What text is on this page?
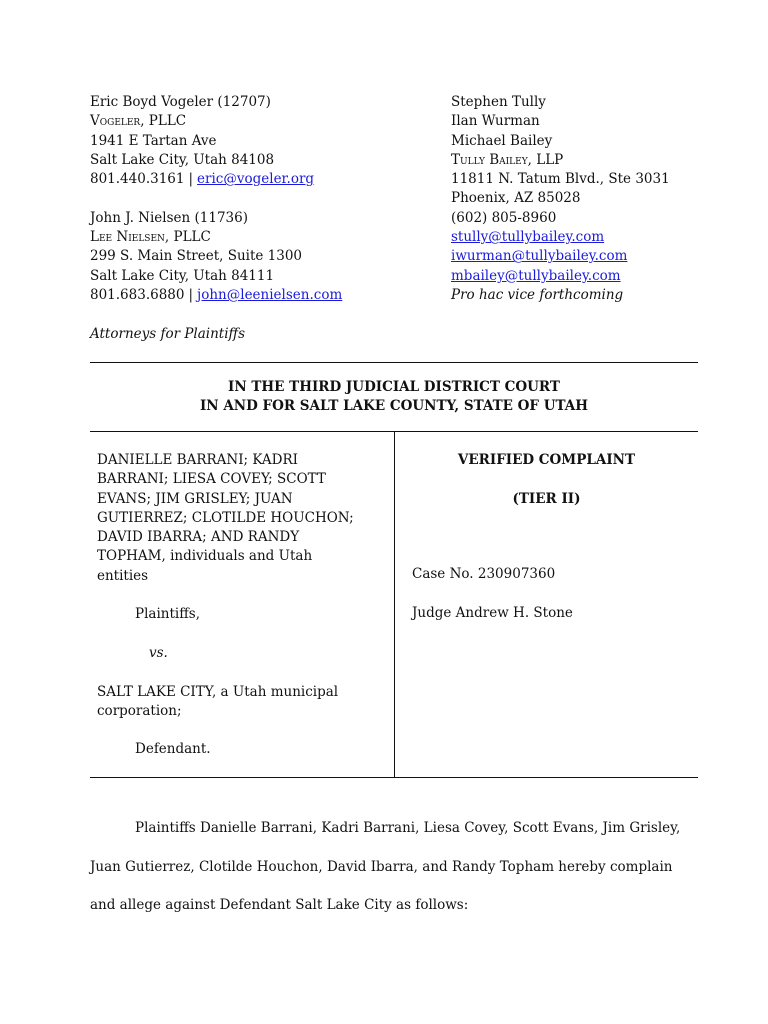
Eric Boyd Vogeler (12707)
Vogeler, PLLC
1941 E Tartan Ave
Salt Lake City, Utah 84108
801.440.3161 | eric@vogeler.org
John J. Nielsen (11736)
Lee Nielsen, PLLC
299 S. Main Street, Suite 1300
Salt Lake City, Utah 84111
801.683.6880 | john@leenielsen.com
Attorneys for Plaintiffs
Stephen Tully
Ilan Wurman
Michael Bailey
Tully Bailey, LLP
11811 N. Tatum Blvd., Ste 3031
Phoenix, AZ 85028
(602) 805-8960
stully@tullybailey.com
iwurman@tullybailey.com
mbailey@tullybailey.com
Pro hac vice forthcoming
IN THE THIRD JUDICIAL DISTRICT COURT
IN AND FOR SALT LAKE COUNTY, STATE OF UTAH
DANIELLE BARRANI; KADRI
BARRANI; LIESA COVEY; SCOTT
EVANS; JIM GRISLEY; JUAN
GUTIERREZ; CLOTILDE HOUCHON;
DAVID IBARRA; AND RANDY
TOPHAM, individuals and Utah
entities
Plaintiffs,
vs.
SALT LAKE CITY, a Utah municipal
corporation;
Defendant.
VERIFIED COMPLAINT
(TIER II)
Case No. 230907360
Judge Andrew H. Stone
Plaintiffs Danielle Barrani, Kadri Barrani, Liesa Covey, Scott Evans, Jim Grisley,
Juan Gutierrez, Clotilde Houchon, David Ibarra, and Randy Topham hereby complain
and allege against Defendant Salt Lake City as follows:
